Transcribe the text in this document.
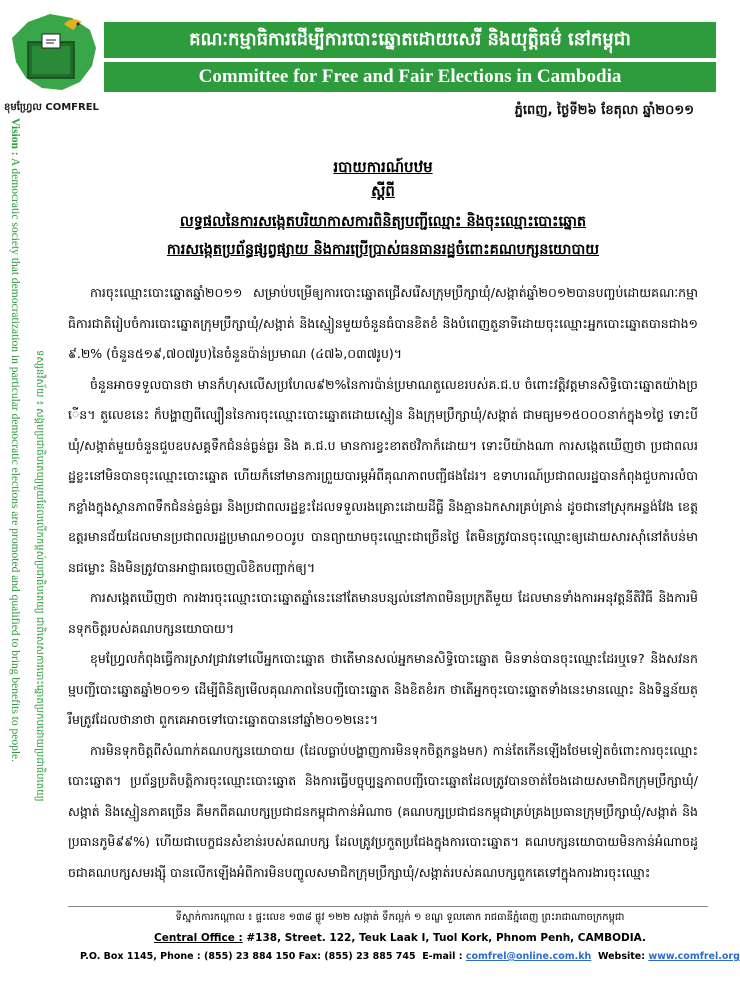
ខុមហ្វ្រែល COMFREL
គណៈកម្មាធិការដើម្បីការបោះឆ្នោតដោយសេរី និងយុត្តិធម៌ នៅកម្ពុជា
Committee for Free and Fair Elections in Cambodia
ភ្នំពេញ, ថ្ងៃទី២៦ ខែតុលា ឆ្នាំ២០១១
Vision : A democratic society that democratization in particular democratic elections are promoted and qualified to bring benefits to people.	ទស្សនវិស័យ ៖ សង្គមប្រជាធិបតេយ្យមួយដែលលើកកម្ពស់ប្រជាធិបតេយ្យ ជាពិសេសការបោះឆ្នោតប្រកបដោយប្រជាធិបតេយ្យ
របាយការណ៍បឋម
ស្តីពី
លទ្ធផលនៃការសង្កេតបរិយាកាសការពិនិត្យបញ្ជីឈ្មោះ និងចុះឈ្មោះបោះឆ្នោត
ការសង្កេតប្រព័ន្ធផ្សព្វផ្សាយ និងការប្រើប្រាស់ធនធានរដ្ឋចំពោះគណបក្សនយោបាយ

ការចុះឈ្មោះបោះឆ្នោតឆ្នាំ២០១១ សម្រាប់បម្រើឲ្យការបោះឆ្នោតជ្រើសរើសក្រុមប្រឹក្សាឃុំ/សង្កាត់ឆ្នាំ២០១២បានបញ្ចប់ដោយគណៈកម្មាធិការជាតិរៀបចំការបោះឆ្នោតក្រុមប្រឹក្សាឃុំ/សង្កាត់ និងស្មៀនមួយចំនួនធំបានខិតខំ និងបំពេញតួនាទីដោយចុះឈ្មោះអ្នកបោះឆ្នោតបានជាង១៩.២% (ចំនួន៥១៩,៧០៧រូប)នៃចំនួនប៉ាន់ប្រមាណ (៤៧៦,០៣៧រូប)។

ចំនួនអាចទទួលបានថា មានក៏ហុសលើសប្រហែល៩២%នៃការប៉ាន់ប្រមាណតួលេខរបស់គ.ជ.ប ចំពោះវត្តិវត្តមានសិទ្ធិបោះឆ្នោតយ៉ាងច្រើន។ តួលេខនេះ ក៏បង្ហាញពីល្បឿននៃការចុះឈ្មោះបោះឆ្នោតដោយស្មៀន និងក្រុមប្រឹក្សាឃុំ/សង្កាត់ ជាមធ្យម១៥០០០នាក់ក្នុង១ថ្ងៃ ទោះបីឃុំ/សង្កាត់មួយចំនួនជួបឧបសគ្គទឹកជំនន់ធ្ងន់ធ្ងរ និង គ.ជ.ប មានការខ្វះខាតថវិកាក៏ដោយ។ ទោះបីយ៉ាងណា ការសង្កេតឃើញថា ប្រជាពលរដ្ឋខ្លះនៅមិនបានចុះឈ្មោះបោះឆ្នោត ហើយក៏នៅមានការព្រួយបារម្ភអំពីគុណភាពបញ្ជីផងដែរ។ ឧទាហរណ៍ប្រជាពលរដ្ឋបានកំពុងជួបការលំបាកខ្លាំងក្នុងស្ថានភាពទឹកជំនន់ធ្ងន់ធ្ងរ និងប្រជាពលរដ្ឋខ្លះដែលទទួលរងគ្រោះដោយដីធ្លី និងគ្មានឯកសារគ្រប់គ្រាន់ ដូចជានៅស្រុកអន្លង់វែង ខេត្តឧត្តរមានជ័យដែលមានប្រជាពលរដ្ឋប្រមាណ១០០រូប បានព្យាយាមចុះឈ្មោះជាច្រើនថ្ងៃ តែមិនត្រូវបានចុះឈ្មោះឲ្យដោយសារស៊ាំនៅតំបន់មានជម្លោះ និងមិនត្រូវបានអាជ្ញាធរចេញលិខិតបញ្ជាក់ឲ្យ។

ការសង្កេតឃើញថា ការងារចុះឈ្មោះបោះឆ្នោតឆ្នាំនេះនៅតែមានបន្សល់នៅភាពមិនប្រក្រតីមួយ ដែលមានទាំងការអនុវត្តនីតិវិធី និងការមិនទុកចិត្តរបស់គណបក្សនយោបាយ។

ខុមហ្វ្រែលកំពុងធ្វើការស្រាវជ្រាវទៅលើអ្នកបោះឆ្នោត ថាតើមានសល់អ្នកមានសិទ្ធិបោះឆ្នោត មិនទាន់បានចុះឈ្មោះដែរឬទេ? និងសវនកម្មបញ្ជីបោះឆ្នោតឆ្នាំ២០១១ ដើម្បីពិនិត្យមើលគុណភាពនៃបញ្ជីបោះឆ្នោត និងខិតខំរក ថាតើអ្នកចុះបោះឆ្នោតទាំងនេះមានឈ្មោះ និងទិន្នន័យត្រឹមត្រូវដែលថានាថា ពួកគេអាចទៅបោះឆ្នោតបាននៅឆ្នាំ២០១២នេះ។

ការមិនទុកចិត្តពីសំណាក់គណបក្សនយោបាយ (ដែលធ្លាប់បង្ហាញការមិនទុកចិត្តកន្លងមក) កាន់តែកើនឡើងថែមទៀតចំពោះការចុះឈ្មោះបោះឆ្នោត។ ប្រព័ន្ធប្រតិបត្តិការចុះឈ្មោះបោះឆ្នោត និងការធ្វើបច្ចុប្បន្នភាពបញ្ជីបោះឆ្នោតដែលត្រូវបានចាត់ចែងដោយសមាជិកក្រុមប្រឹក្សាឃុំ/សង្កាត់ និងស្មៀនភាគច្រើន គឺមកពីគណបក្សប្រជាជនកម្ពុជាកាន់អំណាច (គណបក្សប្រជាជនកម្ពុជាគ្រប់គ្រងប្រធានក្រុមប្រឹក្សាឃុំ/សង្កាត់ និងប្រធានភូមិ៩៩%) ហើយជាបេក្ខជនសំខាន់របស់គណបក្ស ដែលត្រូវប្រកួតប្រជែងក្នុងការបោះឆ្នោត។ គណបក្សនយោបាយមិនកាន់អំណាចដូចជាគណបក្សសមរង្ស៊ី បានលើកឡើងអំពីការមិនបញ្ចូលសមាជិកក្រុមប្រឹក្សាឃុំ/សង្កាត់របស់គណបក្សពួកគេទៅក្នុងការងារចុះឈ្មោះ

ទីស្នាក់ការកណ្តាល ៖ ផ្ទះលេខ ១៣៨ ផ្លូវ ១២២ សង្កាត់ ទឹកល្អក់ ១ ខណ្ឌ ទួលគោក រាជធានីភ្នំពេញ ព្រះរាជាណាចក្រកម្ពុជា
Central Office : #138, Street. 122, Teuk Laak I, Tuol Kork, Phnom Penh, CAMBODIA.
P.O. Box 1145, Phone : (855) 23 884 150 Fax: (855) 23 885 745 E-mail : comfrel@online.com.kh Website: www.comfrel.org
